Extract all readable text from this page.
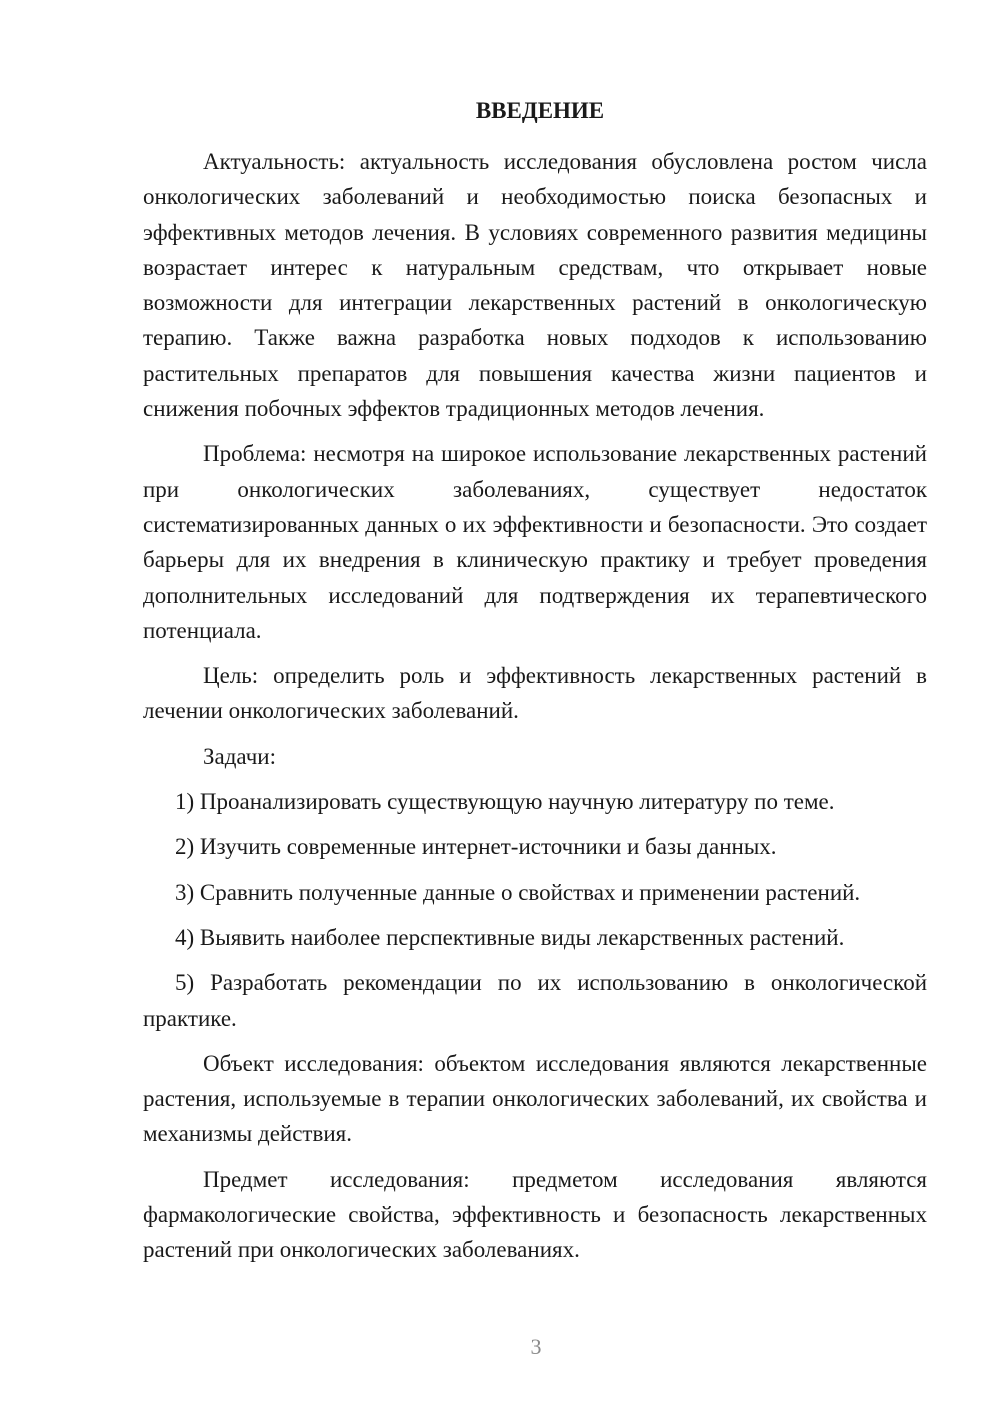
ВВЕДЕНИЕ

Актуальность: актуальность исследования обусловлена ростом числа онкологических заболеваний и необходимостью поиска безопасных и эффективных методов лечения. В условиях современного развития медицины возрастает интерес к натуральным средствам, что открывает новые возможности для интеграции лекарственных растений в онкологическую терапию. Также важна разработка новых подходов к использованию растительных препаратов для повышения качества жизни пациентов и снижения побочных эффектов традиционных методов лечения.

Проблема: несмотря на широкое использование лекарственных растений при онкологических заболеваниях, существует недостаток систематизированных данных о их эффективности и безопасности. Это создает барьеры для их внедрения в клиническую практику и требует проведения дополнительных исследований для подтверждения их терапевтического потенциала.

Цель: определить роль и эффективность лекарственных растений в лечении онкологических заболеваний.

Задачи:

1) Проанализировать существующую научную литературу по теме.
2) Изучить современные интернет-источники и базы данных.
3) Сравнить полученные данные о свойствах и применении растений.
4) Выявить наиболее перспективные виды лекарственных растений.
5) Разработать рекомендации по их использованию в онкологической практике.

Объект исследования: объектом исследования являются лекарственные растения, используемые в терапии онкологических заболеваний, их свойства и механизмы действия.

Предмет исследования: предметом исследования являются фармакологические свойства, эффективность и безопасность лекарственных растений при онкологических заболеваниях.

3
